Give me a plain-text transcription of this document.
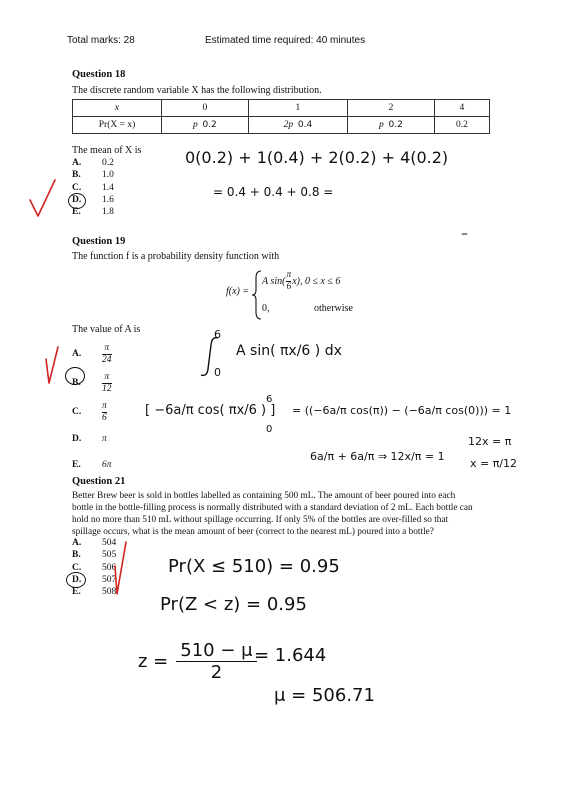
Total marks: 28	Estimated time required: 40 minutes
Question 18
The discrete random variable X has the following distribution.
x	0	1	2	4
Pr(X = x)	p 0.2	2p 0.4	p 0.2	0.2
The mean of X is
A. 0.2
B. 1.0
C. 1.4
D. 1.6
E. 1.8
0(0.2) + 1(0.4) + 2(0.2) + 4(0.2)
= 0.4 + 0.4 + 0.8 =
–
Question 19
The function f is a probability density function with
f(x) =
A $\sin( \frac{\pi}{6} x)$, 0 ≤ x ≤ 6
0,	otherwise
The value of A is
A.	$\frac{\pi}{24}$
B.	$\frac{\pi}{12}$
C.	$\frac{\pi}{6}$
D.	π
E.	6π
6
0
A sin( πx/6 ) dx
[ −6a/π cos( πx/6 ) ]
6
0
= ((−6a/π cos(π)) − (−6a/π cos(0))) = 1
6a/π + 6a/π ⇒ 12x/π = 1
12x = π
x = π/12
Question 21
Better Brew beer is sold in bottles labelled as containing 500 mL. The amount of beer poured into each
bottle in the bottle-filling process is normally distributed with a standard deviation of 2 mL. Each bottle can
hold no more than 510 mL without spillage occurring. If only 5% of the bottles are over-filled so that
spillage occurs, what is the mean amount of beer (correct to the nearest mL) poured into a bottle?
A. 504
B. 505
C. 506
D. 507
E. 508
Pr(X ≤ 510) = 0.95
Pr(Z < z) = 0.95
$z = \frac{510 - \mu}{2}$
= 1.644
μ = 506.71
